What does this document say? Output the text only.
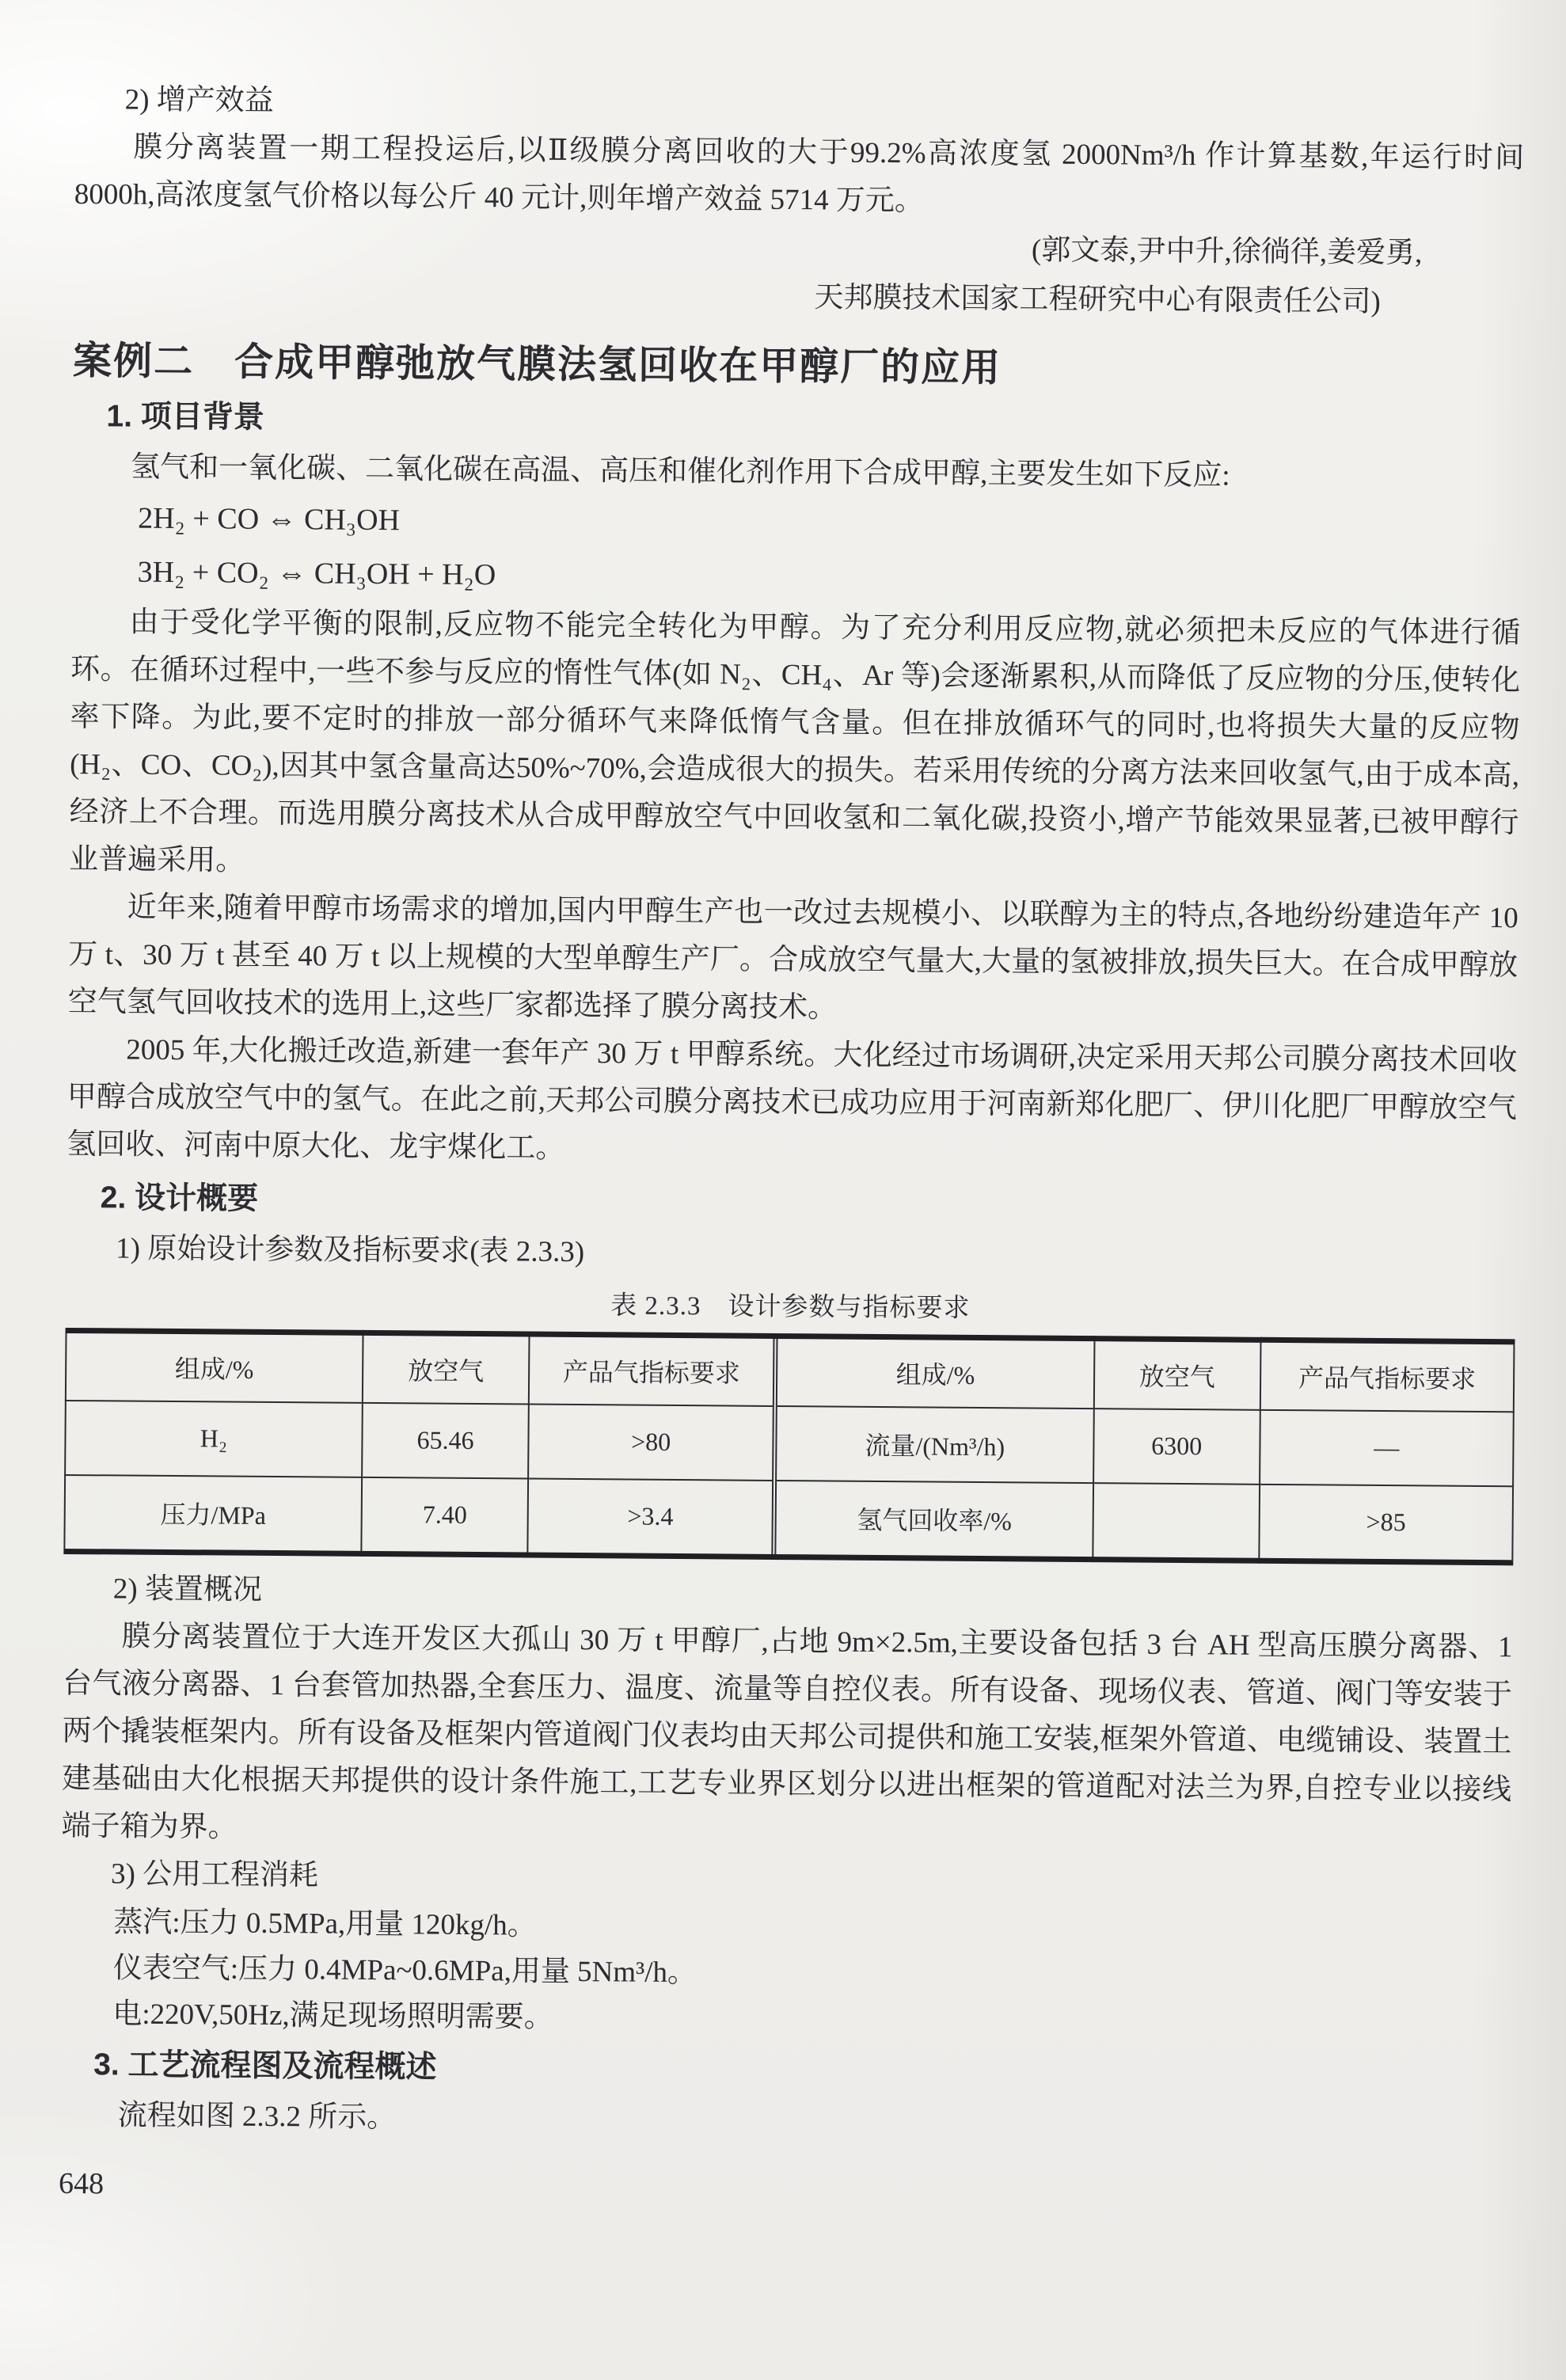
2) 增产效益

膜分离装置一期工程投运后,以Ⅱ级膜分离回收的大于99.2%高浓度氢 2000Nm³/h 作计算基数,年运行时间 8000h,高浓度氢气价格以每公斤 40 元计,则年增产效益 5714 万元。

(郭文泰,尹中升,徐徜徉,姜爱勇,

天邦膜技术国家工程研究中心有限责任公司)

案例二　合成甲醇弛放气膜法氢回收在甲醇厂的应用
1. 项目背景

氢气和一氧化碳、二氧化碳在高温、高压和催化剂作用下合成甲醇,主要发生如下反应:

2H₂ + CO ⇔ CH₃OH

3H₂ + CO₂ ⇔ CH₃OH + H₂O

由于受化学平衡的限制,反应物不能完全转化为甲醇。为了充分利用反应物,就必须把未反应的气体进行循环。在循环过程中,一些不参与反应的惰性气体(如 N₂、CH₄、Ar 等)会逐渐累积,从而降低了反应物的分压,使转化率下降。为此,要不定时的排放一部分循环气来降低惰气含量。但在排放循环气的同时,也将损失大量的反应物(H₂、CO、CO₂),因其中氢含量高达50%~70%,会造成很大的损失。若采用传统的分离方法来回收氢气,由于成本高,经济上不合理。而选用膜分离技术从合成甲醇放空气中回收氢和二氧化碳,投资小,增产节能效果显著,已被甲醇行业普遍采用。

近年来,随着甲醇市场需求的增加,国内甲醇生产也一改过去规模小、以联醇为主的特点,各地纷纷建造年产 10 万 t、30 万 t 甚至 40 万 t 以上规模的大型单醇生产厂。合成放空气量大,大量的氢被排放,损失巨大。在合成甲醇放空气氢气回收技术的选用上,这些厂家都选择了膜分离技术。

2005 年,大化搬迁改造,新建一套年产 30 万 t 甲醇系统。大化经过市场调研,决定采用天邦公司膜分离技术回收甲醇合成放空气中的氢气。在此之前,天邦公司膜分离技术已成功应用于河南新郑化肥厂、伊川化肥厂甲醇放空气氢回收、河南中原大化、龙宇煤化工。

2. 设计概要

1) 原始设计参数及指标要求(表 2.3.3)

表 2.3.3　设计参数与指标要求
组成/%	放空气	产品气指标要求	组成/%	放空气	产品气指标要求
H₂	65.46	>80	流量/(Nm³/h)	6300	—
压力/MPa	7.40	>3.4	氢气回收率/%		>85

2) 装置概况

膜分离装置位于大连开发区大孤山 30 万 t 甲醇厂,占地 9m×2.5m,主要设备包括 3 台 AH 型高压膜分离器、1 台气液分离器、1 台套管加热器,全套压力、温度、流量等自控仪表。所有设备、现场仪表、管道、阀门等安装于两个撬装框架内。所有设备及框架内管道阀门仪表均由天邦公司提供和施工安装,框架外管道、电缆铺设、装置土建基础由大化根据天邦提供的设计条件施工,工艺专业界区划分以进出框架的管道配对法兰为界,自控专业以接线端子箱为界。

3) 公用工程消耗

蒸汽:压力 0.5MPa,用量 120kg/h。

仪表空气:压力 0.4MPa~0.6MPa,用量 5Nm³/h。

电:220V,50Hz,满足现场照明需要。

3. 工艺流程图及流程概述

流程如图 2.3.2 所示。

648
